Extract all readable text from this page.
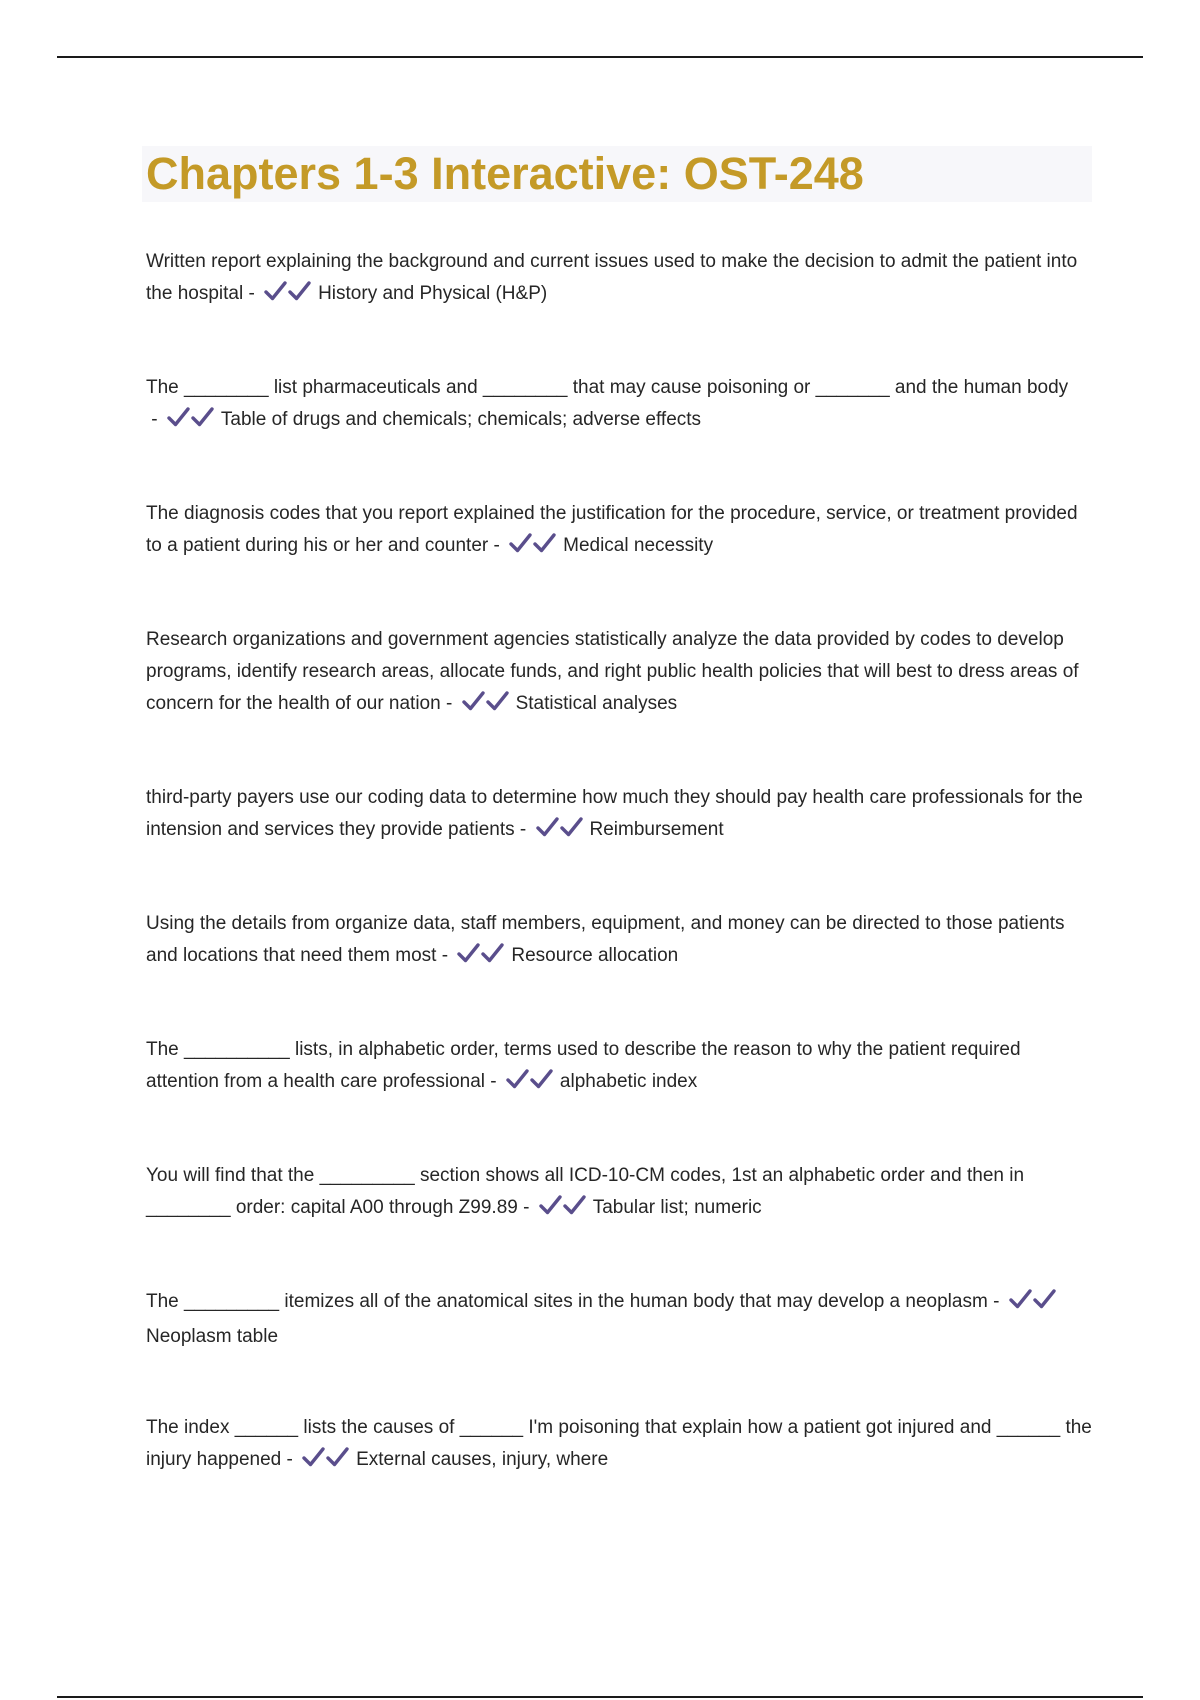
Chapters 1-3 Interactive: OST-248

Written report explaining the background and current issues used to make the decision to admit the patient into the hospital -	History and Physical (H&P)

The ________ list pharmaceuticals and ________ that may cause poisoning or _______ and the human body -	Table of drugs and chemicals; chemicals; adverse effects

The diagnosis codes that you report explained the justification for the procedure, service, or treatment provided to a patient during his or her and counter -	Medical necessity

Research organizations and government agencies statistically analyze the data provided by codes to develop programs, identify research areas, allocate funds, and right public health policies that will best to dress areas of concern for the health of our nation -	Statistical analyses

third-party payers use our coding data to determine how much they should pay health care professionals for the intension and services they provide patients -	Reimbursement

Using the details from organize data, staff members, equipment, and money can be directed to those patients and locations that need them most -	Resource allocation

The __________ lists, in alphabetic order, terms used to describe the reason to why the patient required attention from a health care professional -	alphabetic index

You will find that the _________ section shows all ICD-10-CM codes, 1st an alphabetic order and then in ________ order: capital A00 through Z99.89 -	Tabular list; numeric

The _________ itemizes all of the anatomical sites in the human body that may develop a neoplasm -
Neoplasm table

The index ______ lists the causes of ______ I'm poisoning that explain how a patient got injured and ______ the injury happened -	External causes, injury, where
